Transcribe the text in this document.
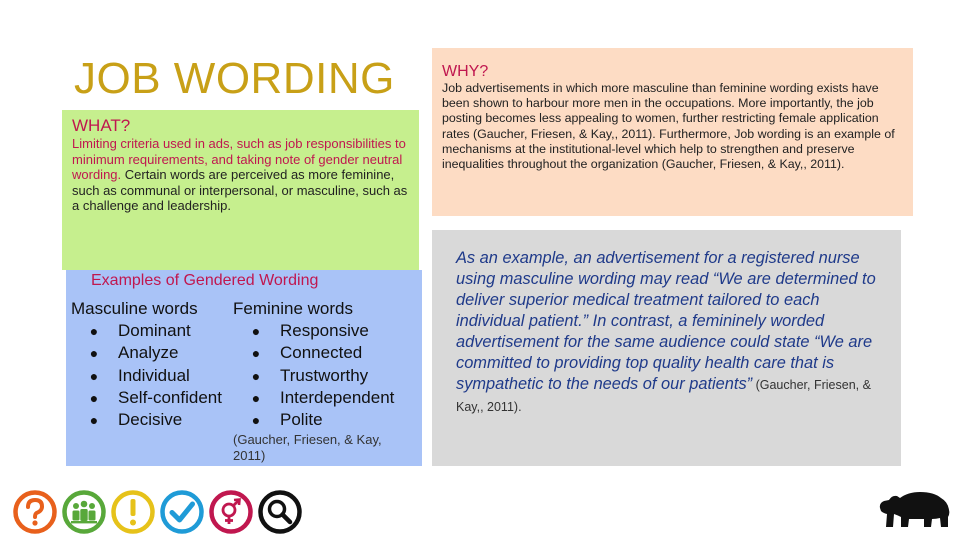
JOB WORDING
WHAT?
Limiting criteria used in ads, such as job responsibilities to minimum requirements, and taking note of gender neutral wording. Certain words are perceived as more feminine, such as communal or interpersonal, or masculine, such as a challenge and leadership.
Examples of Gendered Wording
Masculine words
● Dominant
● Analyze
● Individual
● Self-confident
● Decisive
Feminine words
● Responsive
● Connected
● Trustworthy
● Interdependent
● Polite
(Gaucher, Friesen, & Kay, 2011)
WHY?
Job advertisements in which more masculine than feminine wording exists have been shown to harbour more men in the occupations. More importantly, the job posting becomes less appealing to women, further restricting female application rates (Gaucher, Friesen, & Kay,, 2011). Furthermore, Job wording is an example of mechanisms at the institutional-level which help to strengthen and preserve inequalities throughout the organization (Gaucher, Friesen, & Kay,, 2011).
As an example, an advertisement for a registered nurse using masculine wording may read “We are determined to deliver superior medical treatment tailored to each individual patient.” In contrast, a femininely worded advertisement for the same audience could state “We are committed to providing top quality health care that is sympathetic to the needs of our patients” (Gaucher, Friesen, & Kay,, 2011).
